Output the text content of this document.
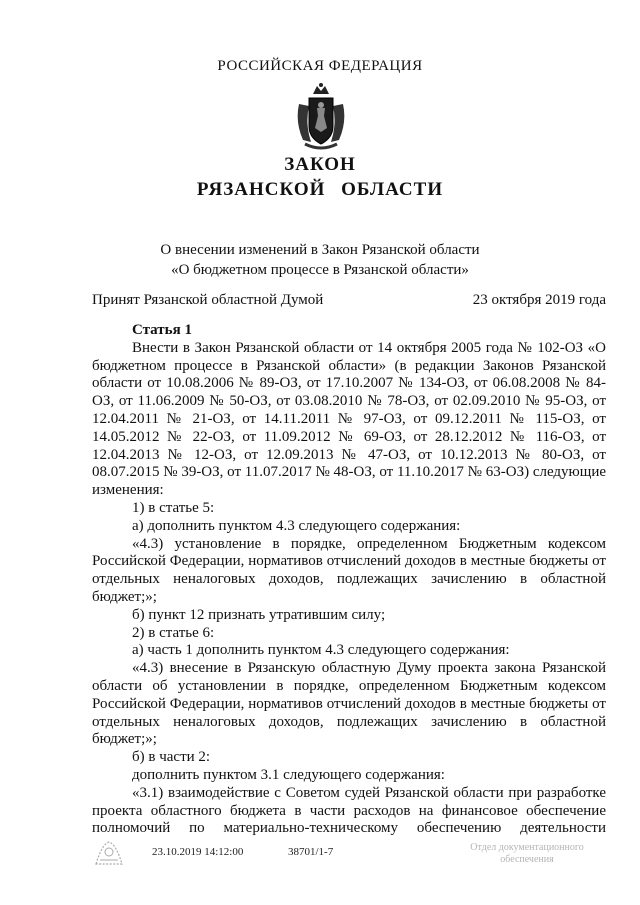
РОССИЙСКАЯ ФЕДЕРАЦИЯ
ЗАКОН
РЯЗАНСКОЙ ОБЛАСТИ
О внесении изменений в Закон Рязанской области
«О бюджетном процессе в Рязанской области»
Принят Рязанской областной Думой	23 октября 2019 года

Статья 1

Внести в Закон Рязанской области от 14 октября 2005 года № 102-ОЗ «О бюджетном процессе в Рязанской области» (в редакции Законов Рязанской области от 10.08.2006 № 89-ОЗ, от 17.10.2007 № 134-ОЗ, от 06.08.2008 № 84-ОЗ, от 11.06.2009 № 50-ОЗ, от 03.08.2010 № 78-ОЗ, от 02.09.2010 № 95-ОЗ, от 12.04.2011 № 21-ОЗ, от 14.11.2011 № 97-ОЗ, от 09.12.2011 № 115-ОЗ, от 14.05.2012 № 22-ОЗ, от 11.09.2012 № 69-ОЗ, от 28.12.2012 № 116-ОЗ, от 12.04.2013 № 12-ОЗ, от 12.09.2013 № 47-ОЗ, от 10.12.2013 № 80-ОЗ, от 08.07.2015 № 39-ОЗ, от 11.07.2017 № 48-ОЗ, от 11.10.2017 № 63-ОЗ) следующие изменения:

1) в статье 5:

а) дополнить пунктом 4.3 следующего содержания:

«4.3) установление в порядке, определенном Бюджетным кодексом Российской Федерации, нормативов отчислений доходов в местные бюджеты от отдельных неналоговых доходов, подлежащих зачислению в областной бюджет;»;

б) пункт 12 признать утратившим силу;

2) в статье 6:

а) часть 1 дополнить пунктом 4.3 следующего содержания:

«4.3) внесение в Рязанскую областную Думу проекта закона Рязанской области об установлении в порядке, определенном Бюджетным кодексом Российской Федерации, нормативов отчислений доходов в местные бюджеты от отдельных неналоговых доходов, подлежащих зачислению в областной бюджет;»;

б) в части 2:

дополнить пунктом 3.1 следующего содержания:

«3.1) взаимодействие с Советом судей Рязанской области при разработке проекта областного бюджета в части расходов на финансовое обеспечение полномочий по материально-техническому обеспечению деятельности

23.10.2019 14:12:00	38701/1-7	Отдел документационного
обеспечения
